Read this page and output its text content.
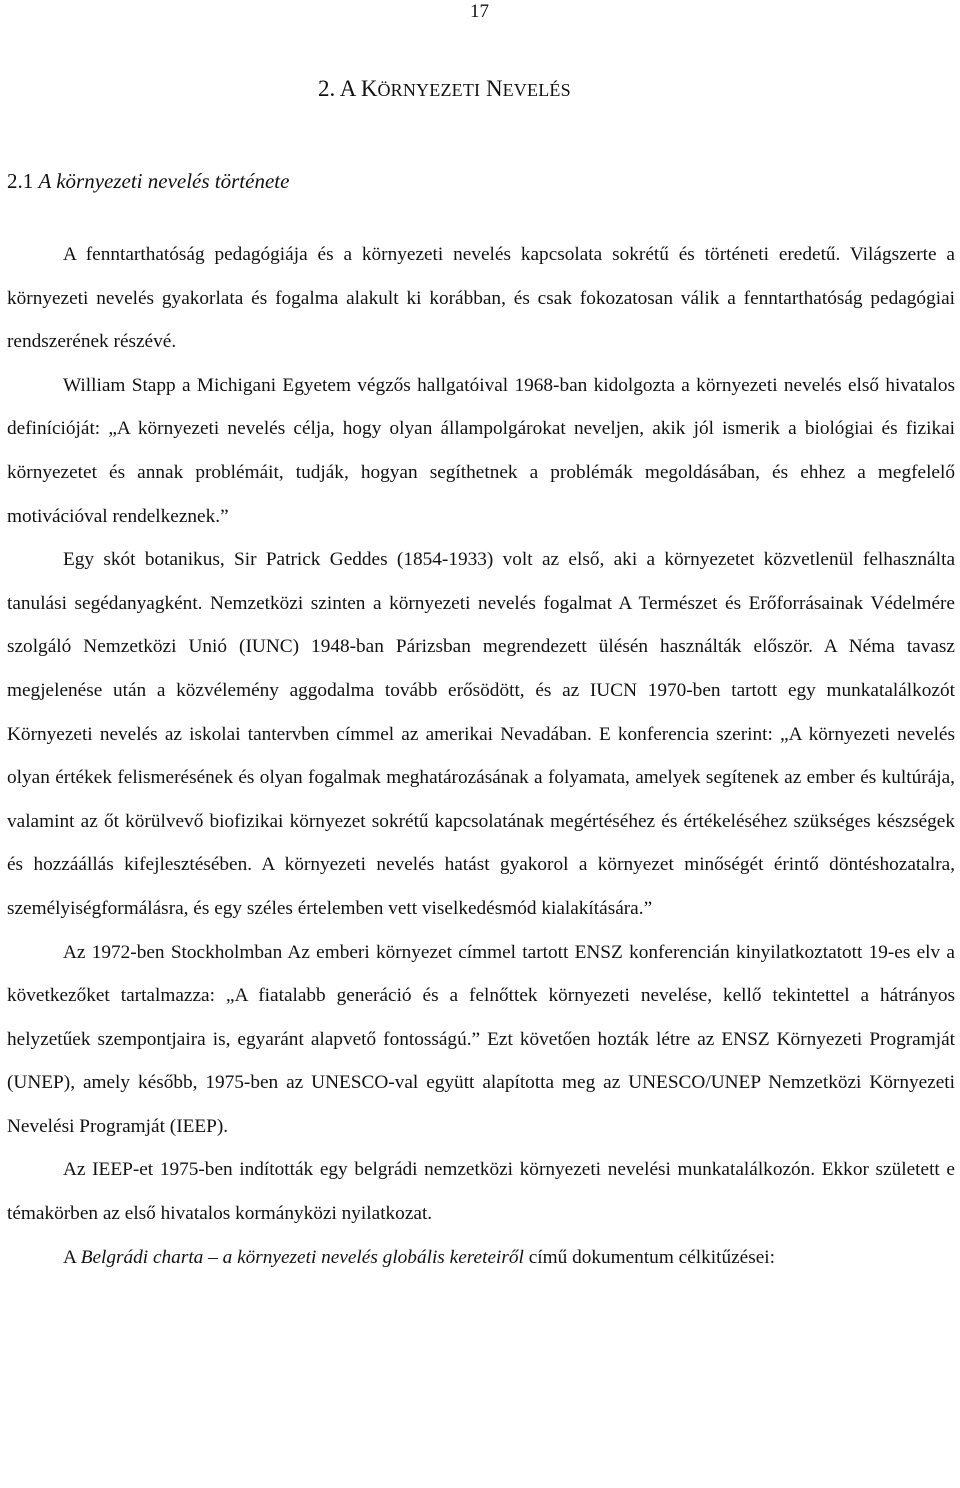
17
2. A KÖRNYEZETI NEVELÉS
2.1 A környezeti nevelés története

A fenntarthatóság pedagógiája és a környezeti nevelés kapcsolata sokrétű és történeti eredetű. Világszerte a környezeti nevelés gyakorlata és fogalma alakult ki korábban, és csak fokozatosan válik a fenntarthatóság pedagógiai rendszerének részévé.

William Stapp a Michigani Egyetem végzős hallgatóival 1968-ban kidolgozta a környezeti nevelés első hivatalos definícióját: „A környezeti nevelés célja, hogy olyan állampolgárokat neveljen, akik jól ismerik a biológiai és fizikai környezetet és annak problémáit, tudják, hogyan segíthetnek a problémák megoldásában, és ehhez a megfelelő motivációval rendelkeznek.”

Egy skót botanikus, Sir Patrick Geddes (1854-1933) volt az első, aki a környezetet közvetlenül felhasználta tanulási segédanyagként. Nemzetközi szinten a környezeti nevelés fogalmat A Természet és Erőforrásainak Védelmére szolgáló Nemzetközi Unió (IUNC) 1948-ban Párizsban megrendezett ülésén használták először. A Néma tavasz megjelenése után a közvélemény aggodalma tovább erősödött, és az IUCN 1970-ben tartott egy munkatalálkozót Környezeti nevelés az iskolai tantervben címmel az amerikai Nevadában. E konferencia szerint: „A környezeti nevelés olyan értékek felismerésének és olyan fogalmak meghatározásának a folyamata, amelyek segítenek az ember és kultúrája, valamint az őt körülvevő biofizikai környezet sokrétű kapcsolatának megértéséhez és értékeléséhez szükséges készségek és hozzáállás kifejlesztésében. A környezeti nevelés hatást gyakorol a környezet minőségét érintő döntéshozatalra, személyiségformálásra, és egy széles értelemben vett viselkedésmód kialakítására.”

Az 1972-ben Stockholmban Az emberi környezet címmel tartott ENSZ konferencián kinyilatkoztatott 19-es elv a következőket tartalmazza: „A fiatalabb generáció és a felnőttek környezeti nevelése, kellő tekintettel a hátrányos helyzetűek szempontjaira is, egyaránt alapvető fontosságú.” Ezt követően hozták létre az ENSZ Környezeti Programját (UNEP), amely később, 1975-ben az UNESCO-val együtt alapította meg az UNESCO/UNEP Nemzetközi Környezeti Nevelési Programját (IEEP).

Az IEEP-et 1975-ben indították egy belgrádi nemzetközi környezeti nevelési munkatalálkozón. Ekkor született e témakörben az első hivatalos kormányközi nyilatkozat.

A Belgrádi charta – a környezeti nevelés globális kereteiről című dokumentum célkitűzései:
